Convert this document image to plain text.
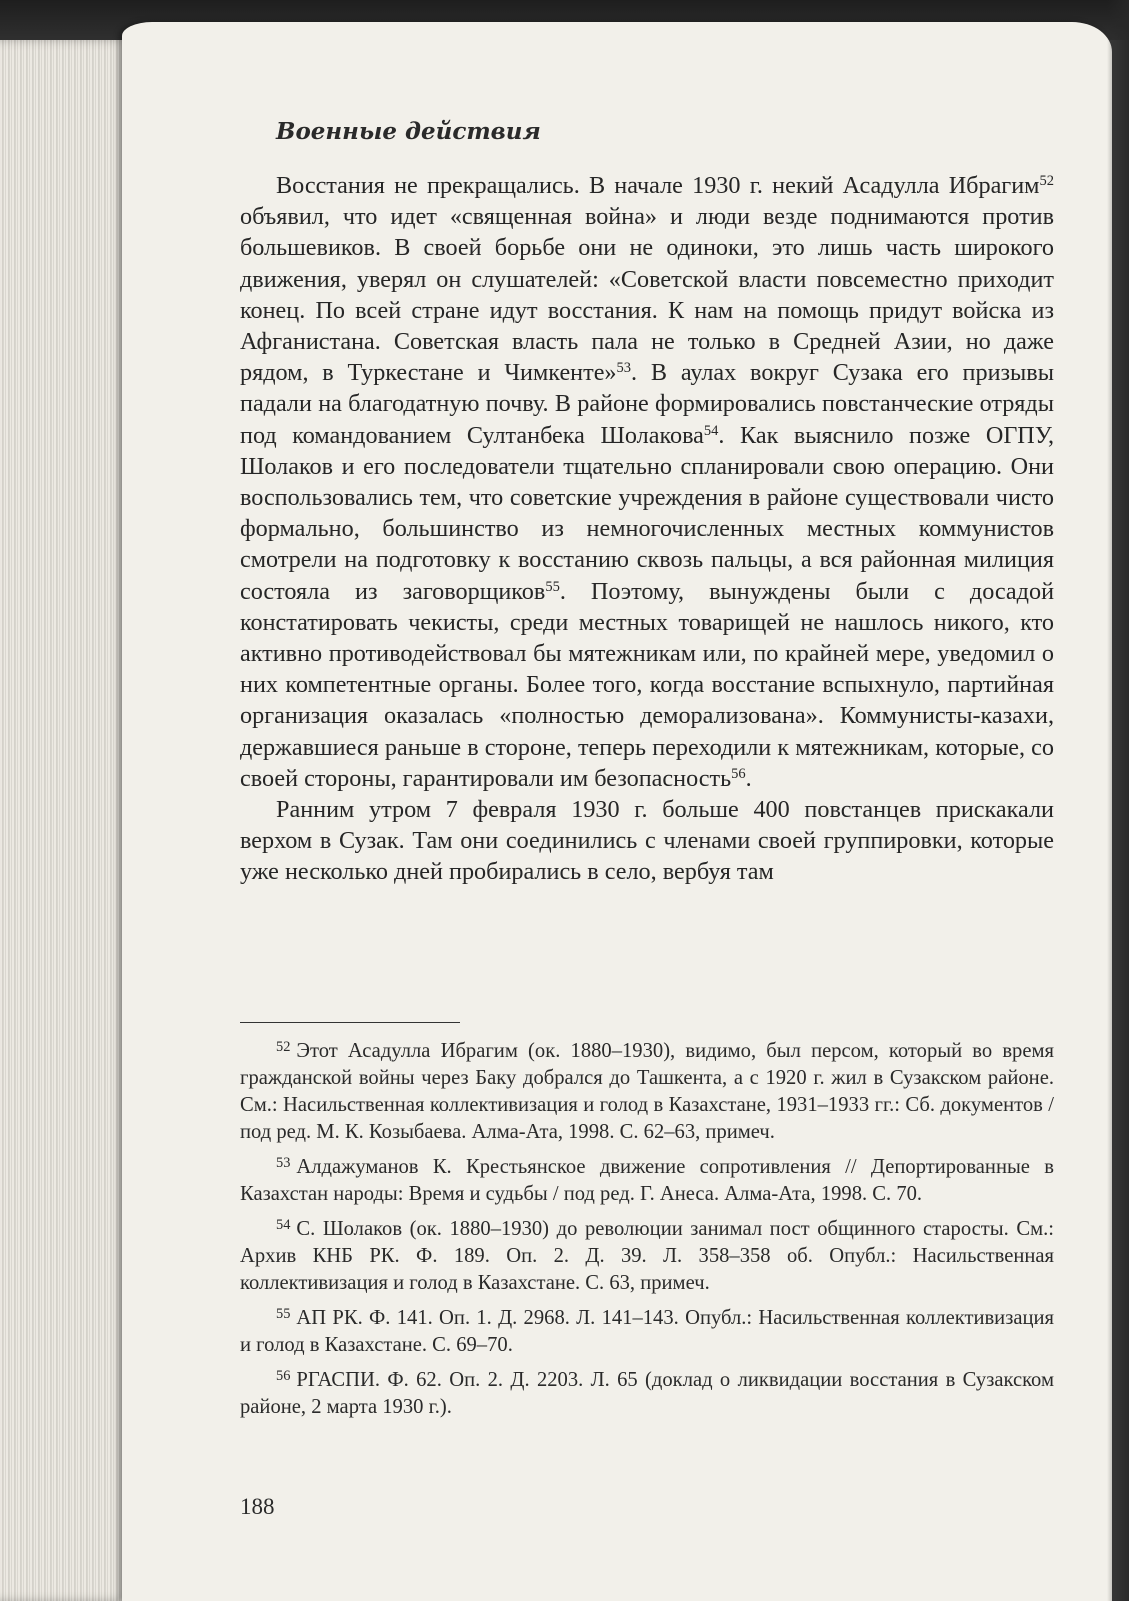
Военные действия

Восстания не прекращались. В начале 1930 г. некий Асадулла Ибрагим$^{52}$ объявил, что идет «священная война» и люди везде поднимаются против большевиков. В своей борьбе они не одиноки, это лишь часть широкого движения, уверял он слушателей: «Советской власти повсеместно приходит конец. По всей стране идут восстания. К нам на помощь придут войска из Афганистана. Советская власть пала не только в Средней Азии, но даже рядом, в Туркестане и Чимкенте»$^{53}$. В аулах вокруг Сузака его призывы падали на благодатную почву. В районе формировались повстанческие отряды под командованием Султанбека Шолакова$^{54}$. Как выяснило позже ОГПУ, Шолаков и его последователи тщательно спланировали свою операцию. Они воспользовались тем, что советские учреждения в районе существовали чисто формально, большинство из немногочисленных местных коммунистов смотрели на подготовку к восстанию сквозь пальцы, а вся районная милиция состояла из заговорщиков$^{55}$. Поэтому, вынуждены были с досадой констатировать чекисты, среди местных товарищей не нашлось никого, кто активно противодействовал бы мятежникам или, по крайней мере, уведомил о них компетентные органы. Более того, когда восстание вспыхнуло, партийная организация оказалась «полностью деморализована». Коммунисты-казахи, державшиеся раньше в стороне, теперь переходили к мятежникам, которые, со своей стороны, гарантировали им безопасность$^{56}$.

Ранним утром 7 февраля 1930 г. больше 400 повстанцев прискакали верхом в Сузак. Там они соединились с членами своей группировки, которые уже несколько дней пробирались в село, вербуя там

$^{52}$ Этот Асадулла Ибрагим (ок. 1880–1930), видимо, был персом, который во время гражданской войны через Баку добрался до Ташкента, а с 1920 г. жил в Сузакском районе. См.: Насильственная коллективизация и голод в Казахстане, 1931–1933 гг.: Сб. документов / под ред. М. К. Козыбаева. Алма-Ата, 1998. С. 62–63, примеч.

$^{53}$ Алдажуманов К. Крестьянское движение сопротивления // Депортированные в Казахстан народы: Время и судьбы / под ред. Г. Анеса. Алма-Ата, 1998. С. 70.

$^{54}$ С. Шолаков (ок. 1880–1930) до революции занимал пост общинного старосты. См.: Архив КНБ РК. Ф. 189. Оп. 2. Д. 39. Л. 358–358 об. Опубл.: Насильственная коллективизация и голод в Казахстане. С. 63, примеч.

$^{55}$ АП РК. Ф. 141. Оп. 1. Д. 2968. Л. 141–143. Опубл.: Насильственная коллективизация и голод в Казахстане. С. 69–70.

$^{56}$ РГАСПИ. Ф. 62. Оп. 2. Д. 2203. Л. 65 (доклад о ликвидации восстания в Сузакском районе, 2 марта 1930 г.).

188
